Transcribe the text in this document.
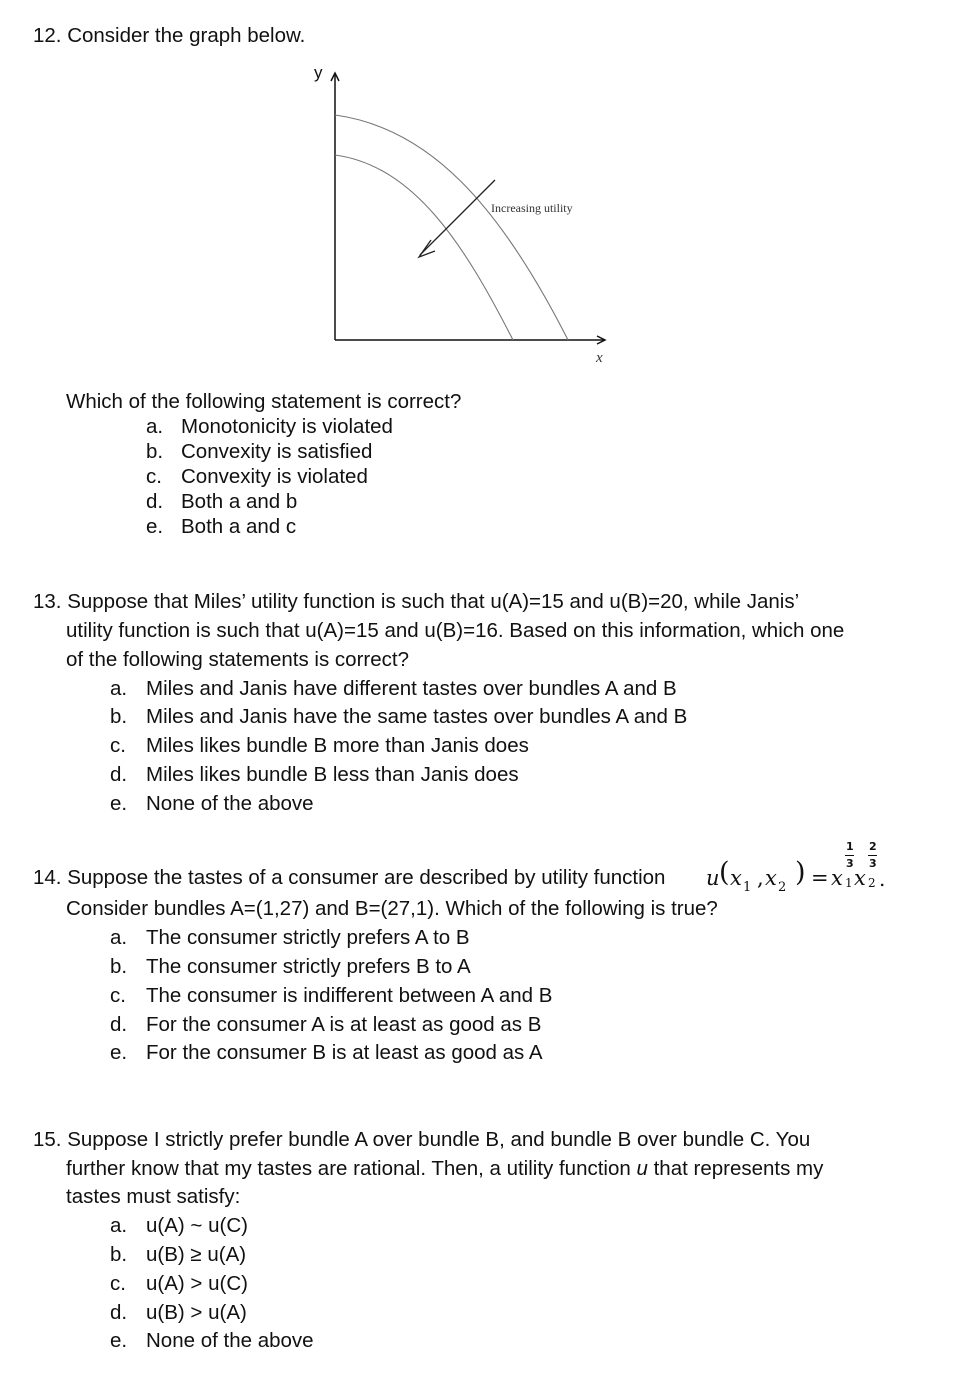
12. Consider the graph below.
y
x
Increasing utility
Which of the following statement is correct?
a. Monotonicity is violated
b. Convexity is satisfied
c. Convexity is violated
d. Both a and b
e. Both a and c
13. Suppose that Miles’ utility function is such that u(A)=15 and u(B)=20, while Janis’
utility function is such that u(A)=15 and u(B)=16. Based on this information, which one
of the following statements is correct?
a. Miles and Janis have different tastes over bundles A and B
b. Miles and Janis have the same tastes over bundles A and B
c. Miles likes bundle B more than Janis does
d. Miles likes bundle B less than Janis does
e. None of the above
14. Suppose the tastes of a consumer are described by utility function u ( x 1 , x 2 ) = x
1
3
1 x
2
3
2 .
Consider bundles A=(1,27) and B=(27,1). Which of the following is true?
a. The consumer strictly prefers A to B
b. The consumer strictly prefers B to A
c. The consumer is indifferent between A and B
d. For the consumer A is at least as good as B
e. For the consumer B is at least as good as A
15. Suppose I strictly prefer bundle A over bundle B, and bundle B over bundle C. You
further know that my tastes are rational. Then, a utility function u that represents my
tastes must satisfy:
a. u(A) ~ u(C)
b. u(B) ≥ u(A)
c. u(A) > u(C)
d. u(B) > u(A)
e. None of the above
